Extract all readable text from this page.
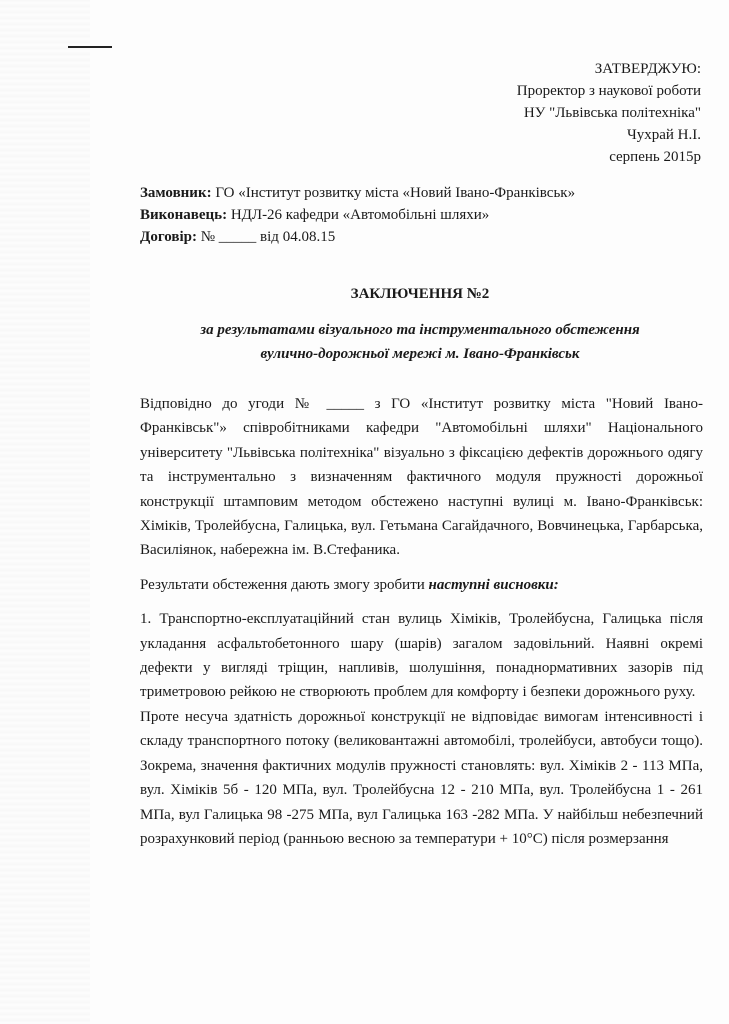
ЗАТВЕРДЖУЮ:
Проректор з наукової роботи
НУ "Львівська політехніка"
Чухрай Н.І.
серпень 2015р
Замовник: ГО «Інститут розвитку міста «Новий Івано-Франківськ»
Виконавець: НДЛ-26 кафедри «Автомобільні шляхи»
Договір: № _____ від 04.08.15
ЗАКЛЮЧЕННЯ №2
за результатами візуального та інструментального обстеження
вулично-дорожньої мережі м. Івано-Франківськ

Відповідно до угоди № _____ з ГО «Інститут розвитку міста "Новий Івано-Франківськ"» співробітниками кафедри "Автомобільні шляхи" Національного університету "Львівська політехніка" візуально з фіксацією дефектів дорожнього одягу та інструментально з визначенням фактичного модуля пружності дорожньої конструкції штамповим методом обстежено наступні вулиці м. Івано-Франківськ: Хіміків, Тролейбусна, Галицька, вул. Гетьмана Сагайдачного, Вовчинецька, Гарбарська, Василіянок, набережна ім. В.Стефаника.

Результати обстеження дають змогу зробити наступні висновки:

1. Транспортно-експлуатаційний стан вулиць Хіміків, Тролейбусна, Галицька після укладання асфальтобетонного шару (шарів) загалом задовільний. Наявні окремі дефекти у вигляді тріщин, напливів, шолушіння, понаднормативних зазорів під триметровою рейкою не створюють проблем для комфорту і безпеки дорожнього руху.

Проте несуча здатність дорожньої конструкції не відповідає вимогам інтенсивності і складу транспортного потоку (великовантажні автомобілі, тролейбуси, автобуси тощо). Зокрема, значення фактичних модулів пружності становлять: вул. Хіміків 2 - 113 МПа, вул. Хіміків 5б - 120 МПа, вул. Тролейбусна 12 - 210 МПа, вул. Тролейбусна 1 - 261 МПа, вул Галицька 98 -275 МПа, вул Галицька 163 -282 МПа. У найбільш небезпечний розрахунковий період (ранньою весною за температури + 10°С) після розмерзання
